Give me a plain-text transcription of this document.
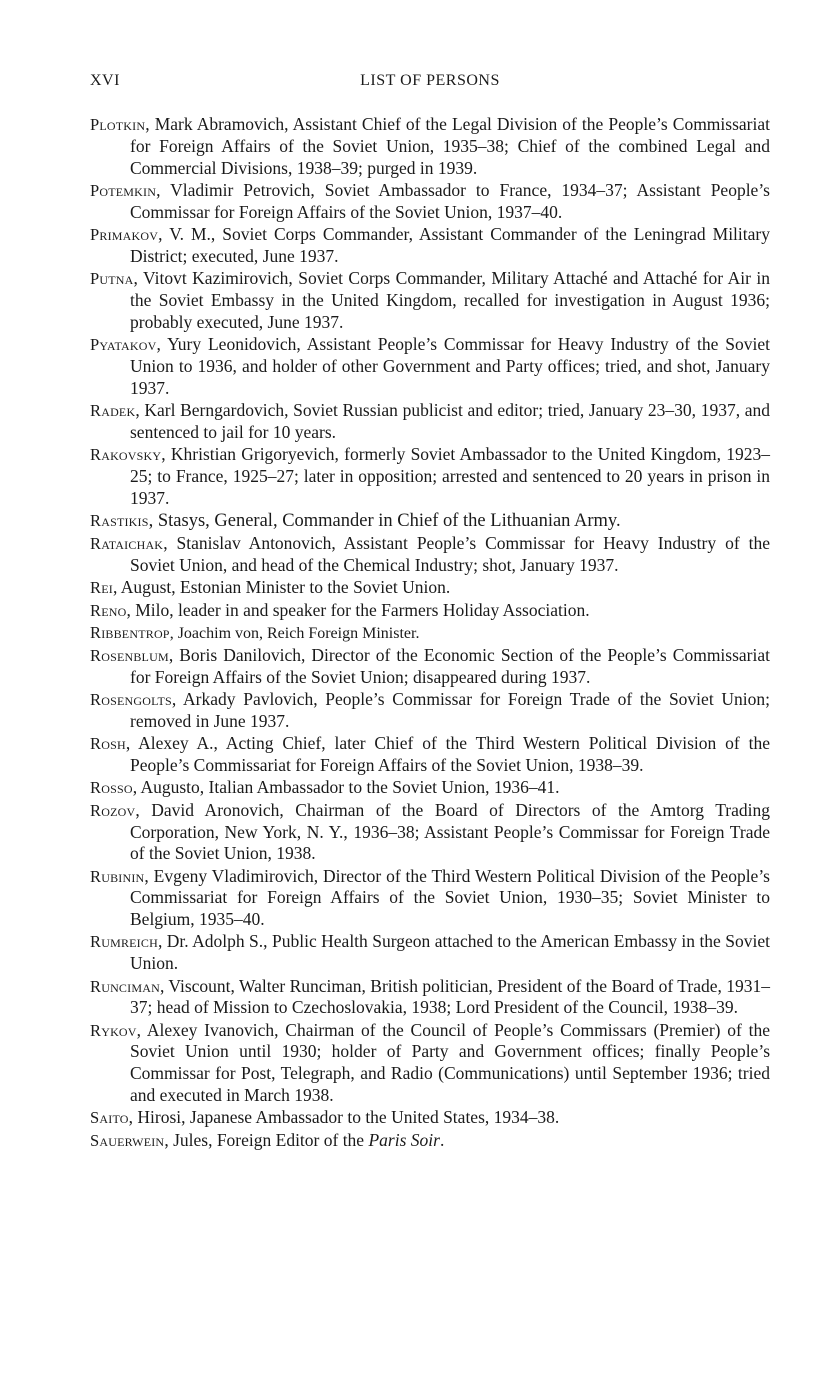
XVI	LIST OF PERSONS

Plotkin, Mark Abramovich, Assistant Chief of the Legal Division of the People’s Commissariat for Foreign Affairs of the Soviet Union, 1935–38; Chief of the combined Legal and Commercial Divisions, 1938–39; purged in 1939.

Potemkin, Vladimir Petrovich, Soviet Ambassador to France, 1934–37; Assistant People’s Commissar for Foreign Affairs of the Soviet Union, 1937–40.

Primakov, V. M., Soviet Corps Commander, Assistant Commander of the Leningrad Military District; executed, June 1937.

Putna, Vitovt Kazimirovich, Soviet Corps Commander, Military Attaché and Attaché for Air in the Soviet Embassy in the United Kingdom, recalled for investigation in August 1936; probably executed, June 1937.

Pyatakov, Yury Leonidovich, Assistant People’s Commissar for Heavy Industry of the Soviet Union to 1936, and holder of other Government and Party offices; tried, and shot, January 1937.

Radek, Karl Berngardovich, Soviet Russian publicist and editor; tried, January 23–30, 1937, and sentenced to jail for 10 years.

Rakovsky, Khristian Grigoryevich, formerly Soviet Ambassador to the United Kingdom, 1923–25; to France, 1925–27; later in opposition; arrested and sentenced to 20 years in prison in 1937.

Rastikis, Stasys, General, Commander in Chief of the Lithuanian Army.

Rataichak, Stanislav Antonovich, Assistant People’s Commissar for Heavy Industry of the Soviet Union, and head of the Chemical Industry; shot, January 1937.

Rei, August, Estonian Minister to the Soviet Union.

Reno, Milo, leader in and speaker for the Farmers Holiday Association.

Ribbentrop, Joachim von, Reich Foreign Minister.

Rosenblum, Boris Danilovich, Director of the Economic Section of the People’s Commissariat for Foreign Affairs of the Soviet Union; disappeared during 1937.

Rosengolts, Arkady Pavlovich, People’s Commissar for Foreign Trade of the Soviet Union; removed in June 1937.

Rosh, Alexey A., Acting Chief, later Chief of the Third Western Political Division of the People’s Commissariat for Foreign Affairs of the Soviet Union, 1938–39.

Rosso, Augusto, Italian Ambassador to the Soviet Union, 1936–41.

Rozov, David Aronovich, Chairman of the Board of Directors of the Amtorg Trading Corporation, New York, N. Y., 1936–38; Assistant People’s Commissar for Foreign Trade of the Soviet Union, 1938.

Rubinin, Evgeny Vladimirovich, Director of the Third Western Political Division of the People’s Commissariat for Foreign Affairs of the Soviet Union, 1930–35; Soviet Minister to Belgium, 1935–40.

Rumreich, Dr. Adolph S., Public Health Surgeon attached to the American Embassy in the Soviet Union.

Runciman, Viscount, Walter Runciman, British politician, President of the Board of Trade, 1931–37; head of Mission to Czechoslovakia, 1938; Lord President of the Council, 1938–39.

Rykov, Alexey Ivanovich, Chairman of the Council of People’s Commissars (Premier) of the Soviet Union until 1930; holder of Party and Government offices; finally People’s Commissar for Post, Telegraph, and Radio (Communications) until September 1936; tried and executed in March 1938.

Saito, Hirosi, Japanese Ambassador to the United States, 1934–38.

Sauerwein, Jules, Foreign Editor of the Paris Soir.
